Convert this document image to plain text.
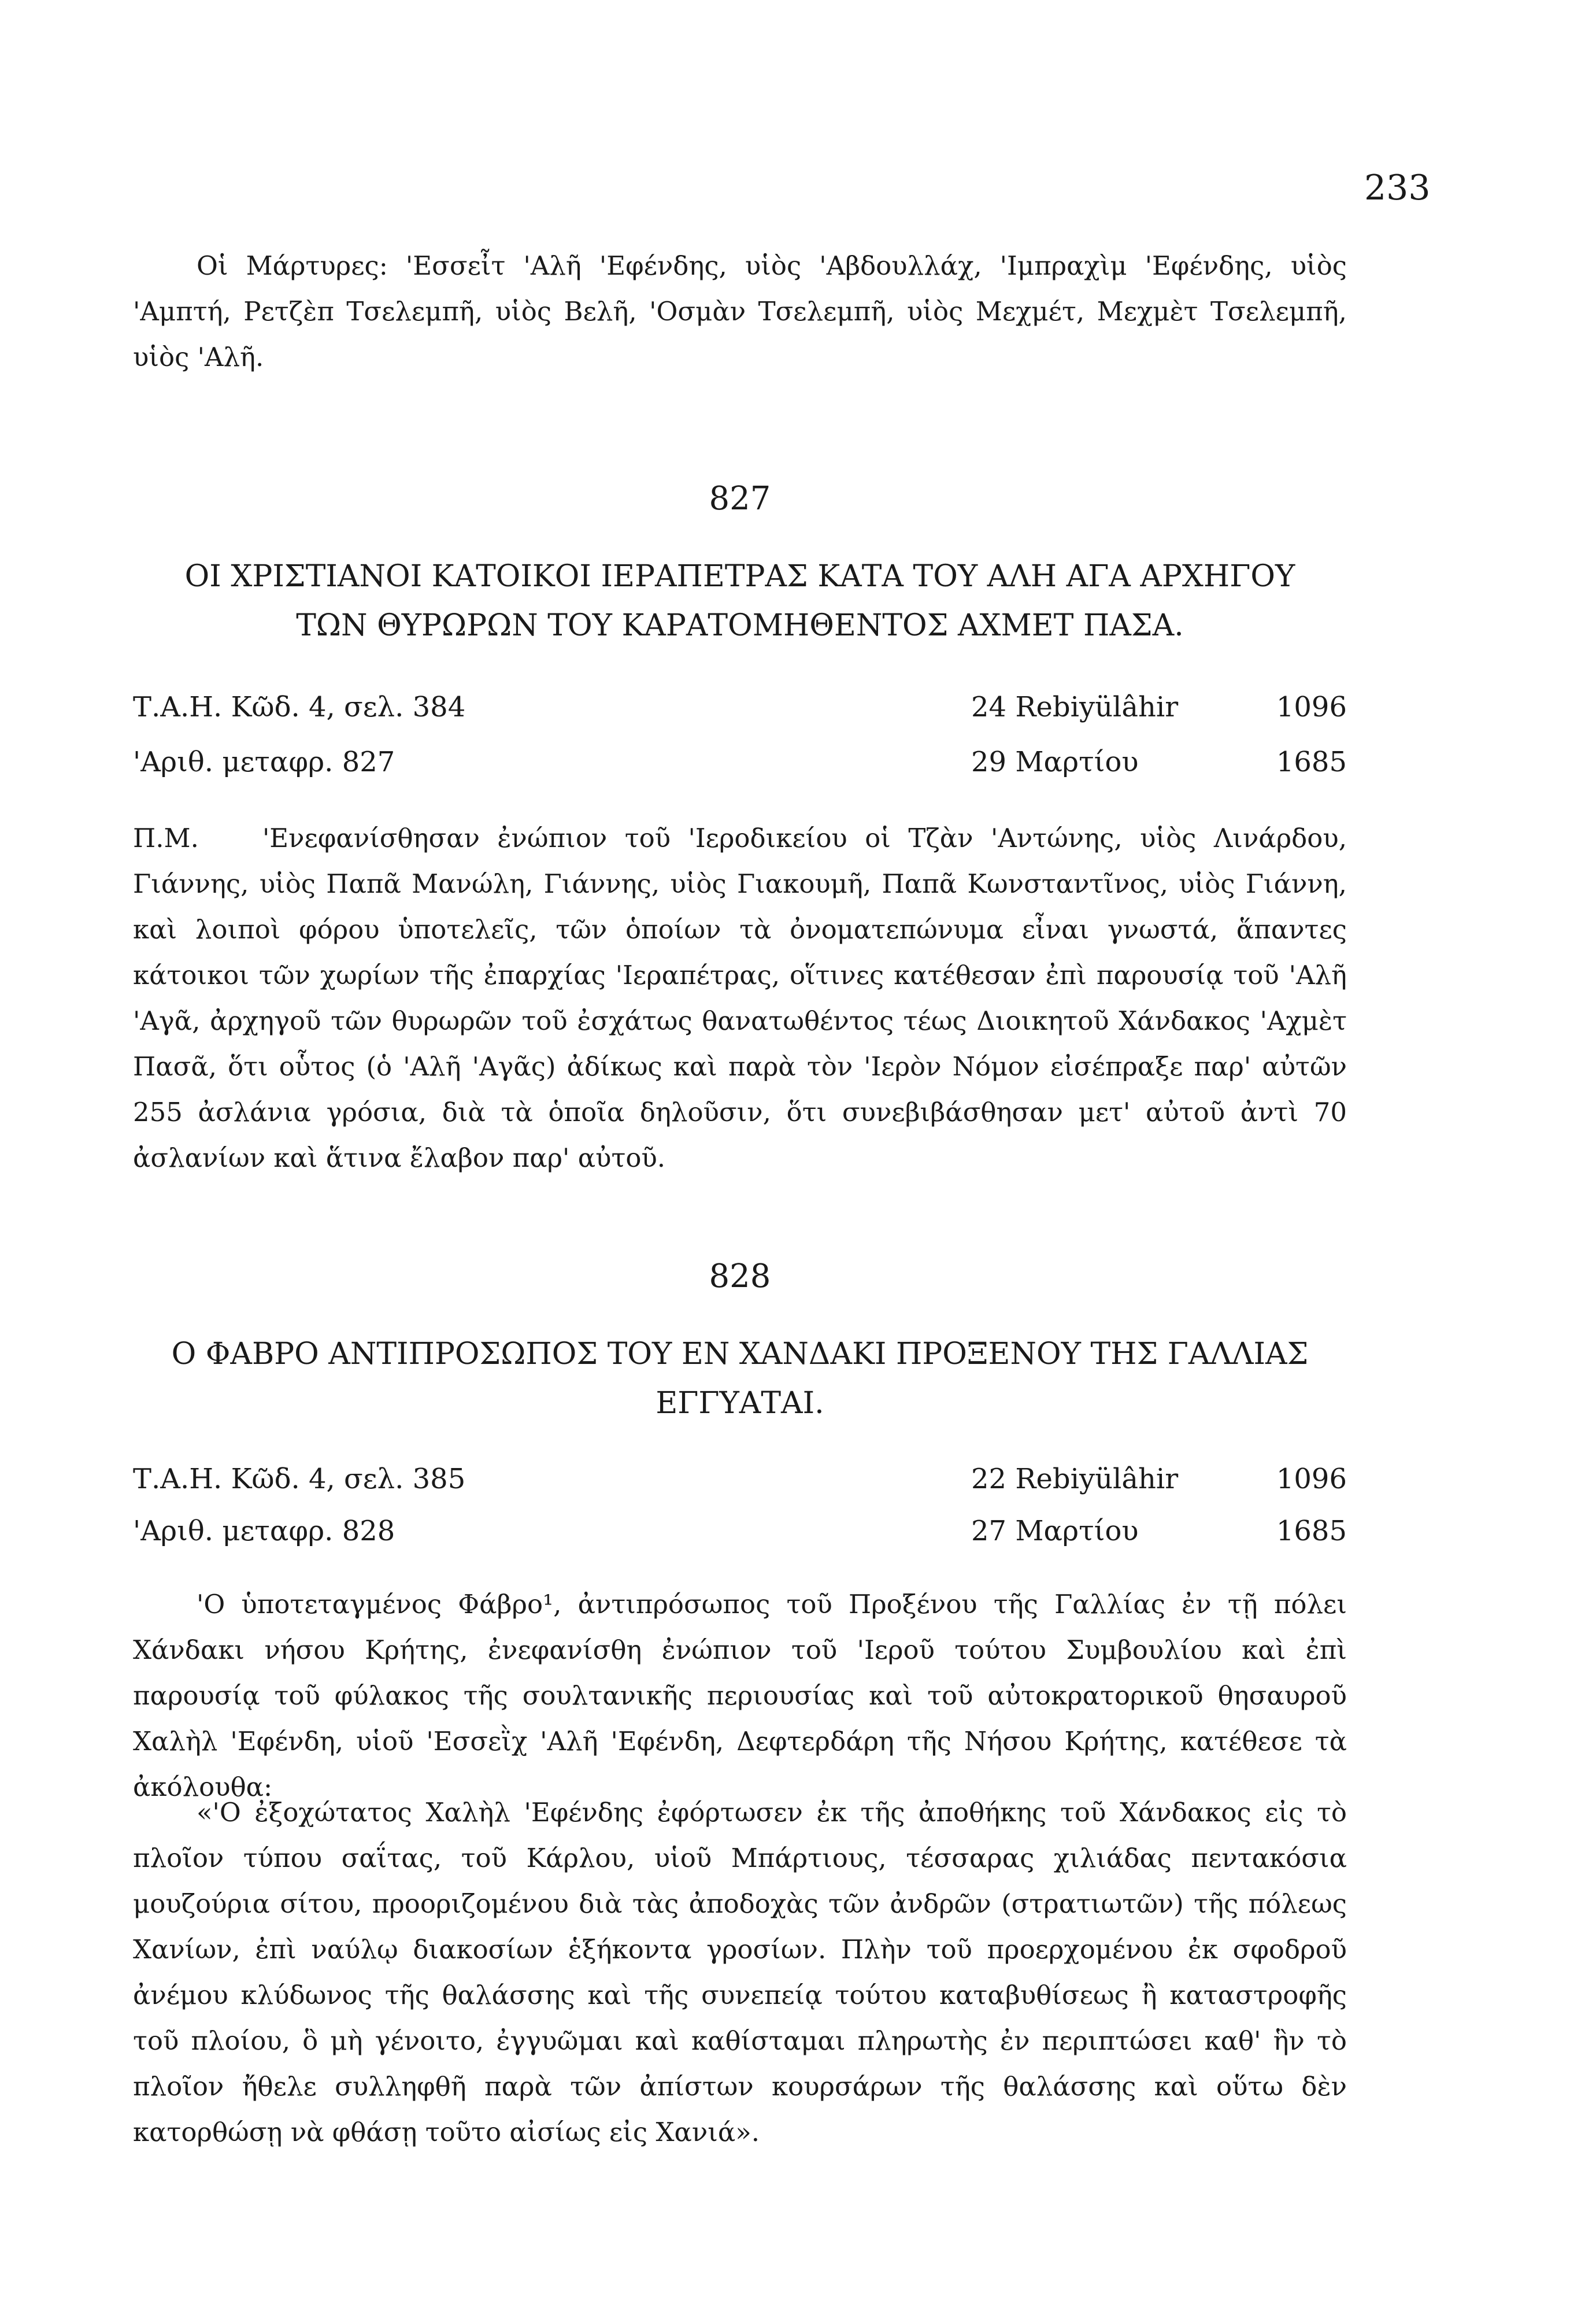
233

Οἱ Μάρτυρες: 'Εσσεἶτ 'Αλῆ 'Εφένδης, υἱὸς 'Αβδουλλάχ, 'Ιμπραχὶμ 'Εφένδης, υἱὸς 'Αμπτή, Ρετζὲπ Τσελεμπῆ, υἱὸς Βελῆ, 'Οσμὰν Τσελεμπῆ, υἱὸς Μεχμέτ, Μεχμὲτ Τσελεμπῆ, υἱὸς 'Αλῆ.

827

ΟΙ ΧΡΙΣΤΙΑΝΟΙ ΚΑΤΟΙΚΟΙ ΙΕΡΑΠΕΤΡΑΣ ΚΑΤΑ ΤΟΥ ΑΛΗ ΑΓΑ ΑΡΧΗΓΟΥ

ΤΩΝ ΘΥΡΩΡΩΝ ΤΟΥ ΚΑΡΑΤΟΜΗΘΕΝΤΟΣ ΑΧΜΕΤ ΠΑΣΑ.

Τ.Α.Η. Κῶδ. 4, σελ. 384	24 Rebiyülâhir	1096
'Αριθ. μεταφρ. 827	29 Μαρτίου	1685

Π.Μ. 'Ενεφανίσθησαν ἐνώπιον τοῦ 'Ιεροδικείου οἱ Τζὰν 'Αντώνης, υἱὸς Λινάρδου, Γιάννης, υἱὸς Παπᾶ Μανώλη, Γιάννης, υἱὸς Γιακουμῆ, Παπᾶ Κωνσταντῖνος, υἱὸς Γιάννη, καὶ λοιποὶ φόρου ὑποτελεῖς, τῶν ὁποίων τὰ ὀνοματεπώνυμα εἶναι γνωστά, ἅπαντες κάτοικοι τῶν χωρίων τῆς ἐπαρχίας 'Ιεραπέτρας, οἵτινες κατέθεσαν ἐπὶ παρουσίᾳ τοῦ 'Αλῆ 'Αγᾶ, ἀρχηγοῦ τῶν θυρωρῶν τοῦ ἐσχάτως θανατωθέντος τέως Διοικητοῦ Χάνδακος 'Αχμὲτ Πασᾶ, ὅτι οὗτος (ὁ 'Αλῆ 'Αγᾶς) ἀδίκως καὶ παρὰ τὸν 'Ιερὸν Νόμον εἰσέπραξε παρ' αὐτῶν 255 ἀσλάνια γρόσια, διὰ τὰ ὁποῖα δηλοῦσιν, ὅτι συνεβιβάσθησαν μετ' αὐτοῦ ἀντὶ 70 ἀσλανίων καὶ ἅτινα ἔλαβον παρ' αὐτοῦ.

828

Ο ΦΑΒΡΟ ΑΝΤΙΠΡΟΣΩΠΟΣ ΤΟΥ ΕΝ ΧΑΝΔΑΚΙ ΠΡΟΞΕΝΟΥ ΤΗΣ ΓΑΛΛΙΑΣ

ΕΓΓΥΑΤΑΙ.

Τ.Α.Η. Κῶδ. 4, σελ. 385	22 Rebiyülâhir	1096
'Αριθ. μεταφρ. 828	27 Μαρτίου	1685

'Ο ὑποτεταγμένος Φάβρο¹, ἀντιπρόσωπος τοῦ Προξένου τῆς Γαλλίας ἐν τῇ πόλει Χάνδακι νήσου Κρήτης, ἐνεφανίσθη ἐνώπιον τοῦ 'Ιεροῦ τούτου Συμβουλίου καὶ ἐπὶ παρουσίᾳ τοῦ φύλακος τῆς σουλτανικῆς περιουσίας καὶ τοῦ αὐτοκρατορικοῦ θησαυροῦ Χαλὴλ 'Εφένδη, υἱοῦ 'Εσσεῒχ 'Αλῆ 'Εφένδη, Δεφτερδάρη τῆς Νήσου Κρήτης, κατέθεσε τὰ ἀκόλουθα:

«'Ο ἐξοχώτατος Χαλὴλ 'Εφένδης ἐφόρτωσεν ἐκ τῆς ἀποθήκης τοῦ Χάνδακος εἰς τὸ πλοῖον τύπου σαΐτας, τοῦ Κάρλου, υἱοῦ Μπάρτιους, τέσσαρας χιλιάδας πεντακόσια μουζούρια σίτου, προοριζομένου διὰ τὰς ἀποδοχὰς τῶν ἀνδρῶν (στρατιωτῶν) τῆς πόλεως Χανίων, ἐπὶ ναύλῳ διακοσίων ἑξήκοντα γροσίων. Πλὴν τοῦ προερχομένου ἐκ σφοδροῦ ἀνέμου κλύδωνος τῆς θαλάσσης καὶ τῆς συνεπείᾳ τούτου καταβυθίσεως ἢ καταστροφῆς τοῦ πλοίου, ὃ μὴ γένοιτο, ἐγγυῶμαι καὶ καθίσταμαι πληρωτὴς ἐν περιπτώσει καθ' ἣν τὸ πλοῖον ἤθελε συλληφθῆ παρὰ τῶν ἀπίστων κουρσάρων τῆς θαλάσσης καὶ οὕτω δὲν κατορθώσῃ νὰ φθάσῃ τοῦτο αἰσίως εἰς Χανιά».
